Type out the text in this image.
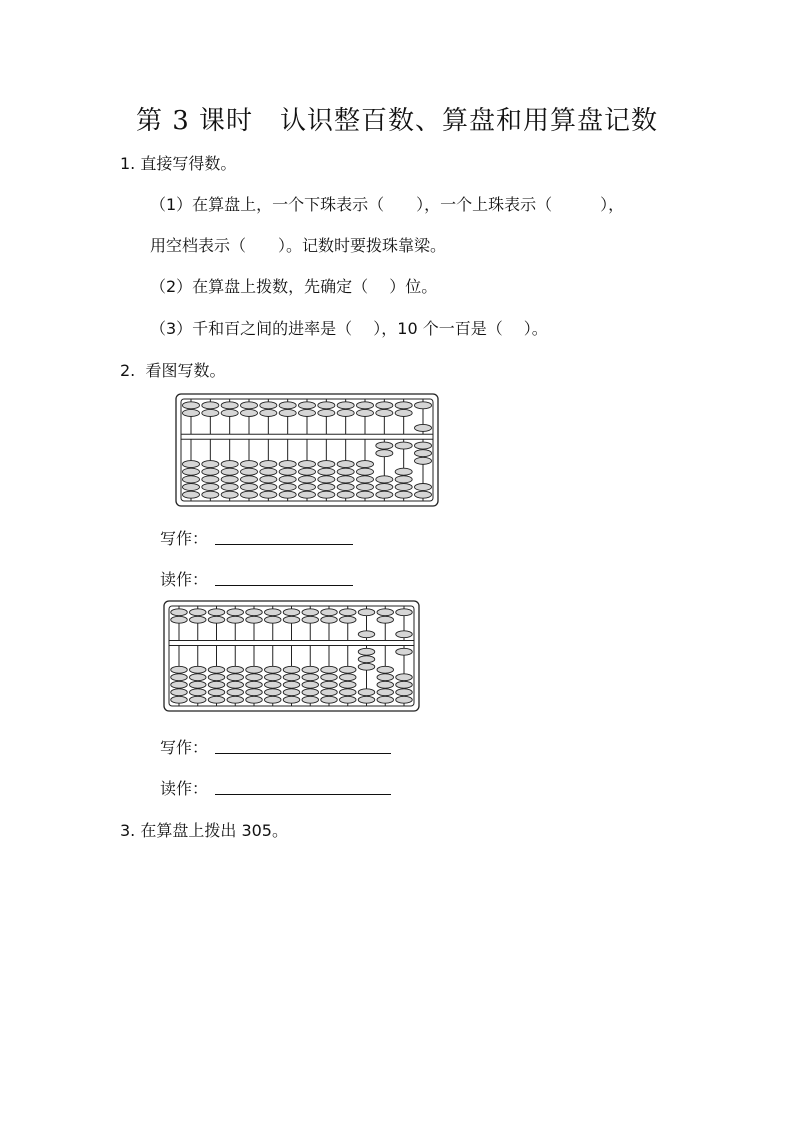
第 3 课时　认识整百数、算盘和用算盘记数
1. 直接写得数。
（1）在算盘上，一个下珠表示（　　），一个上珠表示（　　　），
用空档表示（　　）。记数时要拨珠靠梁。
（2）在算盘上拨数，先确定（　 ）位。
（3）千和百之间的进率是（　 ），10 个一百是（　 ）。
2.  看图写数。
写作：
读作：
写作：
读作：
3. 在算盘上拨出 305。
